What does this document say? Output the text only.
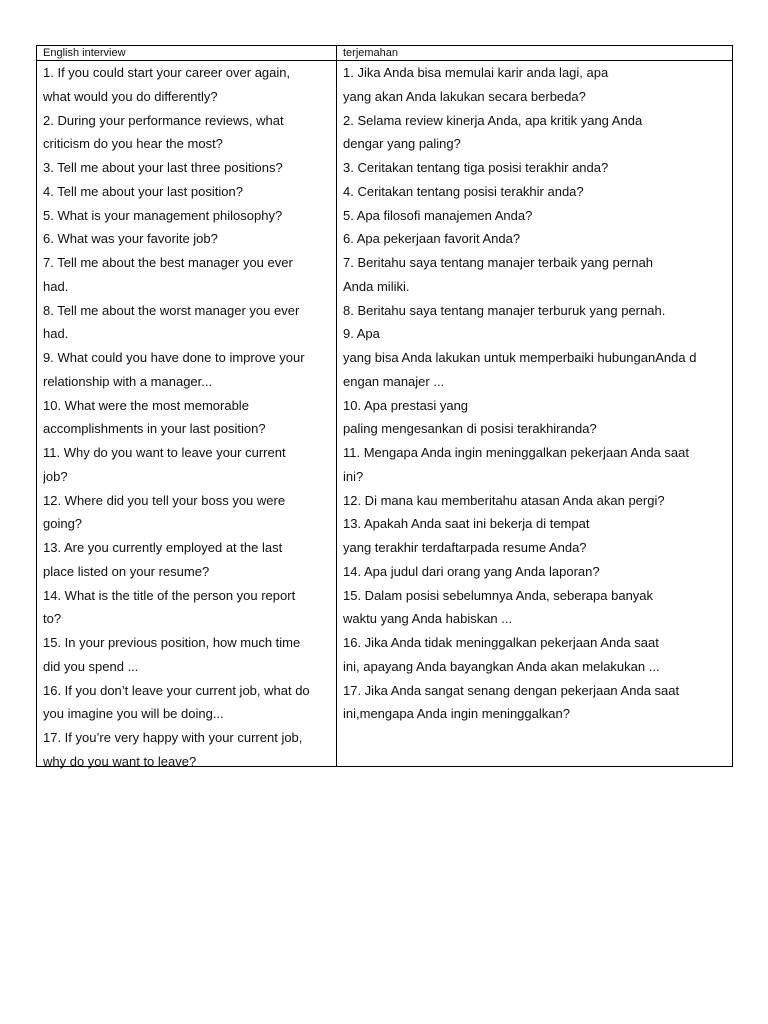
English interview	terjemahan
1. If you could start your career over again,
what would you do differently?
2. During your performance reviews, what
criticism do you hear the most?
3. Tell me about your last three positions?
4. Tell me about your last position?
5. What is your management philosophy?
6. What was your favorite job?
7. Tell me about the best manager you ever
had.
8. Tell me about the worst manager you ever
had.
9. What could you have done to improve your
relationship with a manager...
10. What were the most memorable
accomplishments in your last position?
11. Why do you want to leave your current
job?
12. Where did you tell your boss you were
going?
13. Are you currently employed at the last
place listed on your resume?
14. What is the title of the person you report
to?
15. In your previous position, how much time
did you spend ...
16. If you don’t leave your current job, what do
you imagine you will be doing...
17. If you’re very happy with your current job,
why do you want to leave?
1. Jika Anda bisa memulai karir anda lagi, apa
yang akan Anda lakukan secara berbeda?
2. Selama review kinerja Anda, apa kritik yang Anda
dengar yang paling?
3. Ceritakan tentang tiga posisi terakhir anda?
4. Ceritakan tentang posisi terakhir anda?
5. Apa filosofi manajemen Anda?
6. Apa pekerjaan favorit Anda?
7. Beritahu saya tentang manajer terbaik yang pernah
Anda miliki.
8. Beritahu saya tentang manajer terburuk yang pernah.
9. Apa
yang bisa Anda lakukan untuk memperbaiki hubunganAnda d
engan manajer ...
10. Apa prestasi yang
paling mengesankan di posisi terakhiranda?
11. Mengapa Anda ingin meninggalkan pekerjaan Anda saat
ini?
12. Di mana kau memberitahu atasan Anda akan pergi?
13. Apakah Anda saat ini bekerja di tempat
yang terakhir terdaftarpada resume Anda?
14. Apa judul dari orang yang Anda laporan?
15. Dalam posisi sebelumnya Anda, seberapa banyak
waktu yang Anda habiskan ...
16. Jika Anda tidak meninggalkan pekerjaan Anda saat
ini, apayang Anda bayangkan Anda akan melakukan ...
17. Jika Anda sangat senang dengan pekerjaan Anda saat
ini,mengapa Anda ingin meninggalkan?
